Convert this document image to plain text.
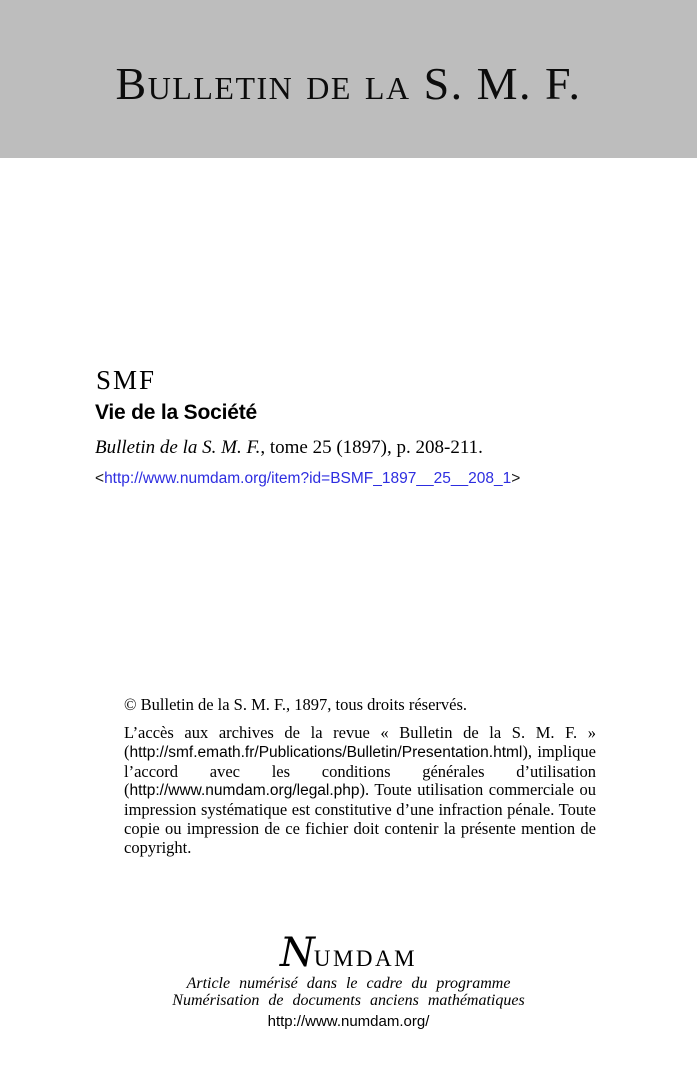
Bulletin de la S. M. F.
SMF
Vie de la Société

Bulletin de la S. M. F., tome 25 (1897), p. 208-211.

<http://www.numdam.org/item?id=BSMF_1897__25__208_1>

© Bulletin de la S. M. F., 1897, tous droits réservés.

L’accès aux archives de la revue « Bulletin de la S. M. F. » (http://smf.emath.fr/Publications/Bulletin/Presentation.html), implique l’accord avec les conditions générales d’utilisation (http://www.numdam.org/legal.php). Toute utilisation commerciale ou impression systématique est constitutive d’une infraction pénale. Toute copie ou impression de ce fichier doit contenir la présente mention de copyright.

NUMDAM
Article numérisé dans le cadre du programme
Numérisation de documents anciens mathématiques
http://www.numdam.org/
